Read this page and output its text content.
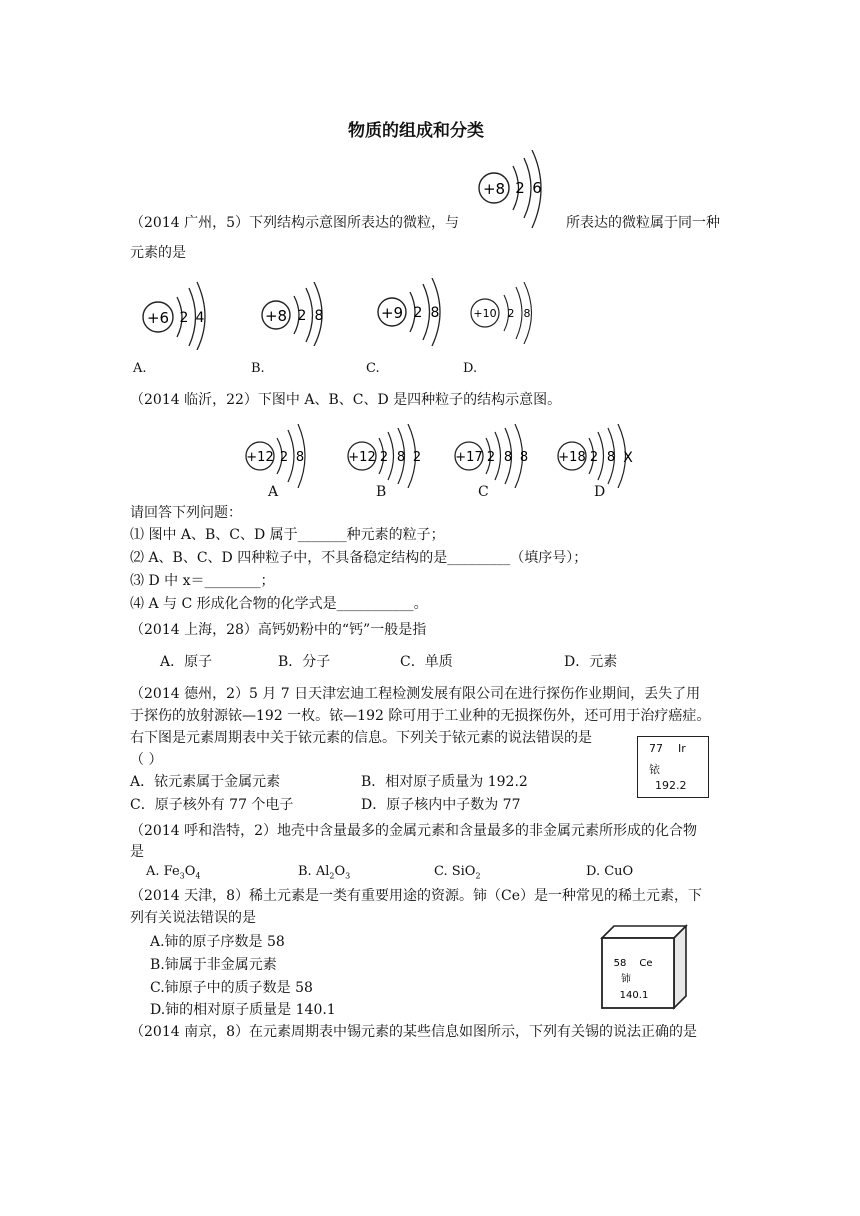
物质的组成和分类
+8 2 6
（2014 广州，5）下列结构示意图所表达的微粒，与	所表达的微粒属于同一种
元素的是
+6 2 4	+8 2 8	+9 2 8	+10 2 8
A.	B.	C.	D.
（2014 临沂，22）下图中 A、B、C、D 是四种粒子的结构示意图。
+12 2 8	+12 2 8 2	+17 2 8 8 +18 2 8 X
A	B	C	D
请回答下列问题：
⑴ 图中 A、B、C、D 属于_______种元素的粒子；
⑵ A、B、C、D 四种粒子中，不具备稳定结构的是_________（填序号）；
⑶ D 中 x＝________；
⑷ A 与 C 形成化合物的化学式是___________。
（2014 上海，28）高钙奶粉中的“钙”一般是指
A．原子	B．分子	C．单质	D．元素
（2014 德州，2）5 月 7 日天津宏迪工程检测发展有限公司在进行探伤作业期间，丢失了用
于探伤的放射源铱—192 一枚。铱—192 除可用于工业种的无损探伤外，还可用于治疗癌症。
右下图是元素周期表中关于铱元素的信息。下列关于铱元素的说法错误的是
（ ）
A．铱元素属于金属元素	B．相对原子质量为 192.2
C．原子核外有 77 个电子	D．原子核内中子数为 77
77 Ir
铱
192.2
（2014 呼和浩特，2）地壳中含量最多的金属元素和含量最多的非金属元素所形成的化合物
是
A. $Fe_3O_4$	B. $Al_2O_3$	C. SiO$_2$	D. CuO
（2014 天津，8）稀土元素是一类有重要用途的资源。铈（Ce）是一种常见的稀土元素，下
列有关说法错误的是
A.铈的原子序数是 58
B.铈属于非金属元素
C.铈原子中的质子数是 58
D.铈的相对原子质量是 140.1
58 Ce
铈
140.1
（2014 南京，8）在元素周期表中锡元素的某些信息如图所示，下列有关锡的说法正确的是
